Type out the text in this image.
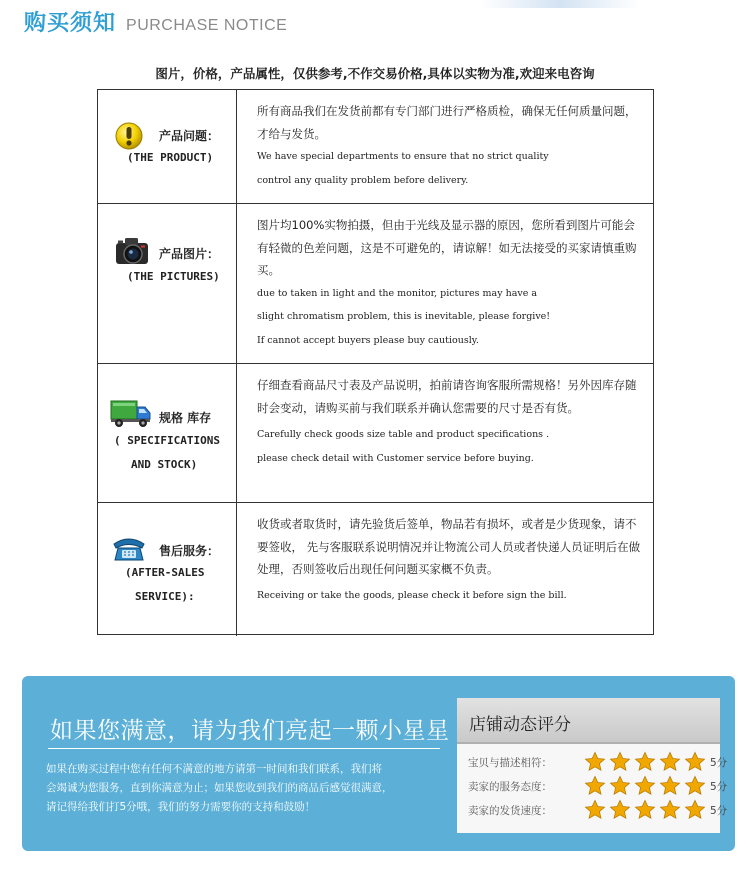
购买须知 PURCHASE NOTICE
图片，价格，产品属性，仅供参考,不作交易价格,具体以实物为准,欢迎来电咨询
产品问题：
(THE PRODUCT)
所有商品我们在发货前都有专门部门进行严格质检，确保无任何质量问题，才给与发货。
We have special departments to ensure that no strict quality
control any quality problem before delivery.
产品图片：
(THE PICTURES)
图片均100%实物拍摄，但由于光线及显示器的原因，您所看到图片可能会有轻微的色差问题，这是不可避免的，请谅解！如无法接受的买家请慎重购买。
due to taken in light and the monitor, pictures may have a
slight chromatism problem, this is inevitable, please forgive!
If cannot accept buyers please buy cautiously.
规格 库存
( SPECIFICATIONS
AND STOCK)
仔细查看商品尺寸表及产品说明，拍前请咨询客服所需规格！另外因库存随时会变动，请购买前与我们联系并确认您需要的尺寸是否有货。
Carefully check goods size table and product specifications .
please check detail with Customer service before buying.
售后服务：
(AFTER-SALES
SERVICE):
收货或者取货时，请先验货后签单，物品若有损坏，或者是少货现象，请不要签收， 先与客服联系说明情况并让物流公司人员或者快递人员证明后在做处理，否则签收后出现任何问题买家概不负责。
Receiving or take the goods, please check it before sign the bill.
如果您满意，请为我们亮起一颗小星星
如果在购买过程中您有任何不满意的地方请第一时间和我们联系，我们将
会竭诚为您服务，直到你满意为止；如果您收到我们的商品后感觉很满意，
请记得给我们打5分哦，我们的努力需要你的支持和鼓励！
店铺动态评分
宝贝与描述相符：	5分
卖家的服务态度：	5分
卖家的发货速度：	5分
